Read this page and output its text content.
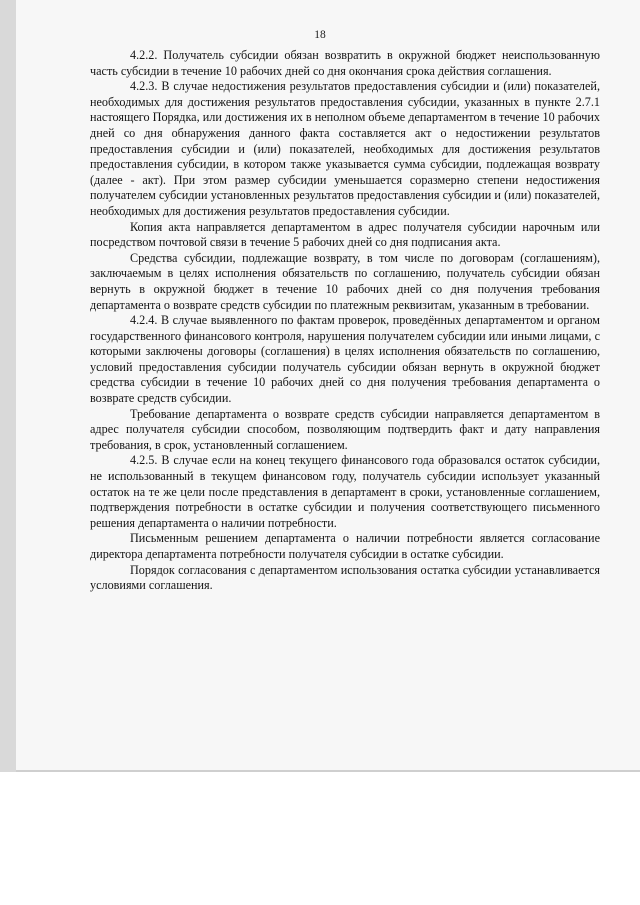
18

4.2.2. Получатель субсидии обязан возвратить в окружной бюджет неиспользованную часть субсидии в течение 10 рабочих дней со дня окончания срока действия соглашения.

4.2.3. В случае недостижения результатов предоставления субсидии и (или) показателей, необходимых для достижения результатов предоставления субсидии, указанных в пункте 2.7.1 настоящего Порядка, или достижения их в неполном объеме департаментом в течение 10 рабочих дней со дня обнаружения данного факта составляется акт о недостижении результатов предоставления субсидии и (или) показателей, необходимых для достижения результатов предоставления субсидии, в котором также указывается сумма субсидии, подлежащая возврату (далее - акт). При этом размер субсидии уменьшается соразмерно степени недостижения получателем субсидии установленных результатов предоставления субсидии и (или) показателей, необходимых для достижения результатов предоставления субсидии.

Копия акта направляется департаментом в адрес получателя субсидии нарочным или посредством почтовой связи в течение 5 рабочих дней со дня подписания акта.

Средства субсидии, подлежащие возврату, в том числе по договорам (соглашениям), заключаемым в целях исполнения обязательств по соглашению, получатель субсидии обязан вернуть в окружной бюджет в течение 10 рабочих дней со дня получения требования департамента о возврате средств субсидии по платежным реквизитам, указанным в требовании.

4.2.4. В случае выявленного по фактам проверок, проведённых департаментом и органом государственного финансового контроля, нарушения получателем субсидии или иными лицами, с которыми заключены договоры (соглашения) в целях исполнения обязательств по соглашению, условий предоставления субсидии получатель субсидии обязан вернуть в окружной бюджет средства субсидии в течение 10 рабочих дней со дня получения требования департамента о возврате средств субсидии.

Требование департамента о возврате средств субсидии направляется департаментом в адрес получателя субсидии способом, позволяющим подтвердить факт и дату направления требования, в срок, установленный соглашением.

4.2.5. В случае если на конец текущего финансового года образовался остаток субсидии, не использованный в текущем финансовом году, получатель субсидии использует указанный остаток на те же цели после представления в департамент в сроки, установленные соглашением, подтверждения потребности в остатке субсидии и получения соответствующего письменного решения департамента о наличии потребности.

Письменным решением департамента о наличии потребности является согласование директора департамента потребности получателя субсидии в остатке субсидии.

Порядок согласования с департаментом использования остатка субсидии устанавливается условиями соглашения.
